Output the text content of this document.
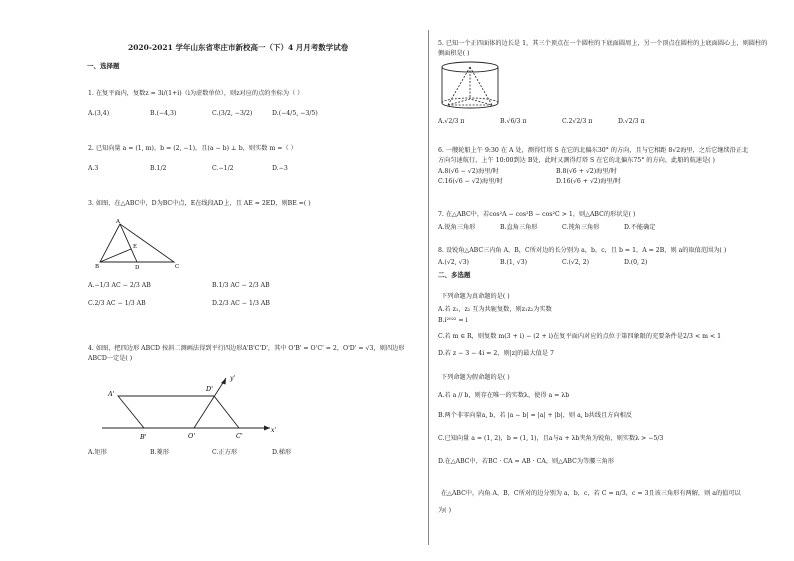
2020-2021 学年山东省枣庄市新校高一（下）4 月月考数学试卷
一、选择题
1. 在复平面内，复数z = 3i/(1+i)（i为虚数单位），则z对应的点的坐标为（ ）
A.(3,4)	B.(−4,3)	C.(3/2, −3/2)	D.(−4/5, −3/5)
2. 已知向量 a = (1, m)，b = (2, −1)，且(a − b) ⊥ b，则实数 m =（ ）
A.3	B.1/2	C.−1/2	D.−3
3. 如图，在△ABC中，D为BC中点，E在线段AD上，且 AE = 2ED，则BE =( )
A
B	C
D
E
A.−1/3 AC − 2/3 AB	B.1/3 AC − 2/3 AB
C.2/3 AC − 1/3 AB	D.2/3 AC − 1/3 AB
4. 如图，把四边形 ABCD 按斜二测画法得到平行四边形A'B'C'D'，其中 O'B' = O'C' = 2，O'D' = √3，则四边形
ABCD一定是( )
A'
D'
B'	O'	C'
x'
y'
A.矩形	B.菱形	C.正方形	D.梯形
5. 已知一个正四面体的边长是 1，其三个顶点在一个圆柱的下底面圆周上，另一个顶点在圆柱的上底面圆心上，则圆柱的
侧面积是( )
A.√2/3 π	B.√6/3 π	C.2√2/3 π	D.√2/3 π
6. 一艘轮船上午 9:30 在 A 处，测得灯塔 S 在它的北偏东30° 的方向，且与它相距 8√2海里，之后它继续沿正北
方向匀速航行，上午 10:00到达 B处，此时又测得灯塔 S 在它的北偏东75° 的方向，此船的航速是( )
A.8(√6 − √2)海里/时	B.8(√6 + √2)海里/时
C.16(√6 − √2)海里/时	D.16(√6 + √2)海里/时
7. 在△ABC中，若cos²A − cos²B − cos²C > 1，则△ABC的形状是( )
A.锐角三角形	B.直角三角形	C.钝角三角形	D.不能确定
8. 设锐角△ABC三内角 A，B，C所对边的长分别为 a，b，c，且 b = 1，A = 2B，则 a的取值范围为( )
A.(√2, √3)	B.(1, √3)	C.(√2, 2)	D.(0, 2)
二、多选题
下列命题为真命题的是( )
A.若 z₁，z₂ 互为共轭复数，则z₁z₂为实数
B.i²⁰²² = i
C.若 m ∈ R，则复数 m(3 + i) − (2 + i)在复平面内对应的点位于第四象限的充要条件是2/3 < m < 1
D.若 z − 3 − 4i = 2，则|z|的最大值是 7
下列命题为假命题的是( )
A.若 a // b，则存在唯一的实数λ，使得 a = λb
B.两个非零向量a, b，若 |a − b| = |a| + |b|，则 a, b共线且方向相反
C.已知向量 a = (1, 2)，b = (1, 1)，且a与a + λb夹角为锐角，则实数λ > −5/3
D.在△ABC中，若BC · CA = AB · CA，则△ABC为等腰三角形
在△ABC中，内角 A，B，C所对的边分别为 a，b，c，若 C = π/3，c = 3且该三角形有两解，则 a的值可以
为( )
